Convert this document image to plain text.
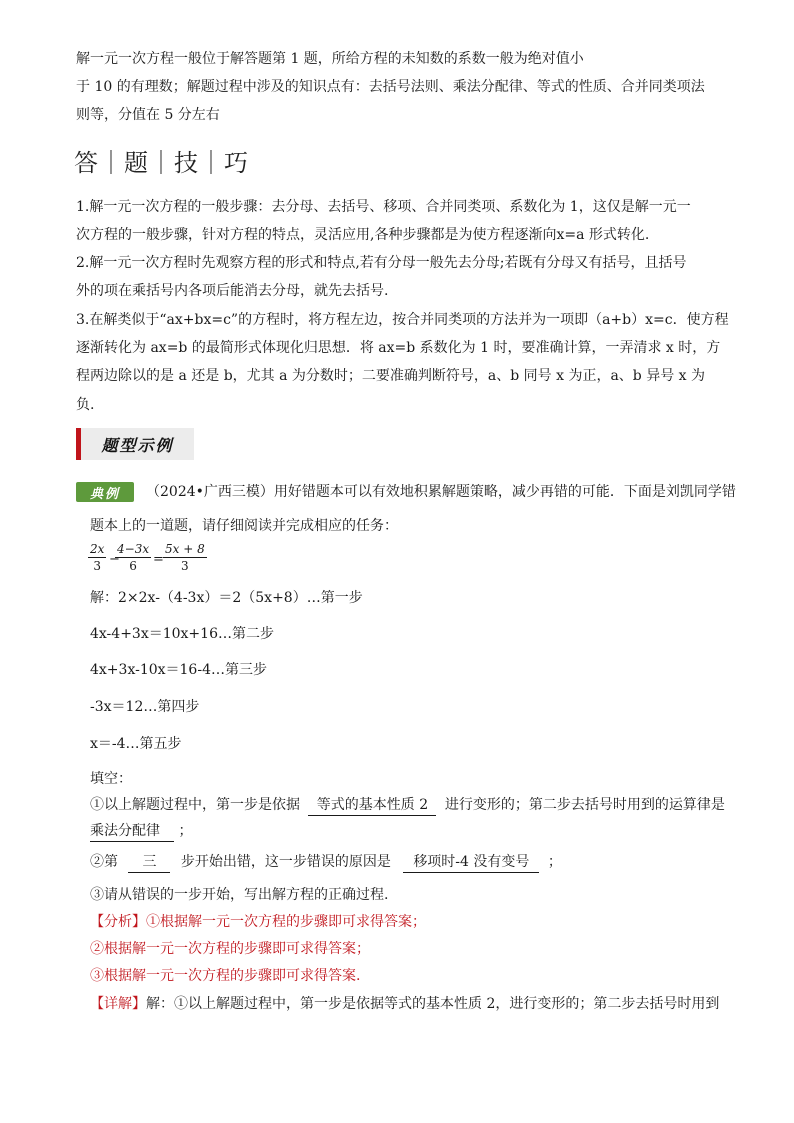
解一元一次方程一般位于解答题第 1 题，所给方程的未知数的系数一般为绝对值小
于 10 的有理数；解题过程中涉及的知识点有：去括号法则、乘法分配律、等式的性质、合并同类项法
则等，分值在 5 分左右
答｜题｜技｜巧
1.解一元一次方程的一般步骤：去分母、去括号、移项、合并同类项、系数化为 1，这仅是解一元一
次方程的一般步骤，针对方程的特点，灵活应用,各种步骤都是为使方程逐渐向x=a 形式转化.
2.解一元一次方程时先观察方程的形式和特点,若有分母一般先去分母;若既有分母又有括号，且括号
外的项在乘括号内各项后能消去分母，就先去括号.
3.在解类似于“ax+bx=c”的方程时，将方程左边，按合并同类项的方法并为一项即（a+b）x=c．使方程
逐渐转化为 ax=b 的最简形式体现化归思想．将 ax=b 系数化为 1 时，要准确计算，一弄清求 x 时，方
程两边除以的是 a 还是 b，尤其 a 为分数时；二要准确判断符号，a、b 同号 x 为正，a、b 异号 x 为
负.
题型示例
典例	（2024•广西三模）用好错题本可以有效地积累解题策略，减少再错的可能．下面是刘凯同学错
题本上的一道题，请仔细阅读并完成相应的任务：
$\frac{2x}{3}$ −
$\frac{4-3x}{6} = \frac{5x + 8}{3}$
解：2×2x-（4-3x）＝2（5x+8）…第一步
4x-4+3x＝10x+16…第二步
4x+3x-10x＝16-4…第三步
-3x＝12…第四步
x＝-4…第五步
填空：
①以上解题过程中，第一步是依据 等式的基本性质 2 进行变形的；第二步去括号时用到的运算律是
乘法分配律 ；
②第 三 步开始出错，这一步错误的原因是 移项时-4 没有变号 ；
③请从错误的一步开始，写出解方程的正确过程.
【分析】①根据解一元一次方程的步骤即可求得答案；
②根据解一元一次方程的步骤即可求得答案；
③根据解一元一次方程的步骤即可求得答案.
【详解】解：①以上解题过程中，第一步是依据等式的基本性质 2，进行变形的；第二步去括号时用到
